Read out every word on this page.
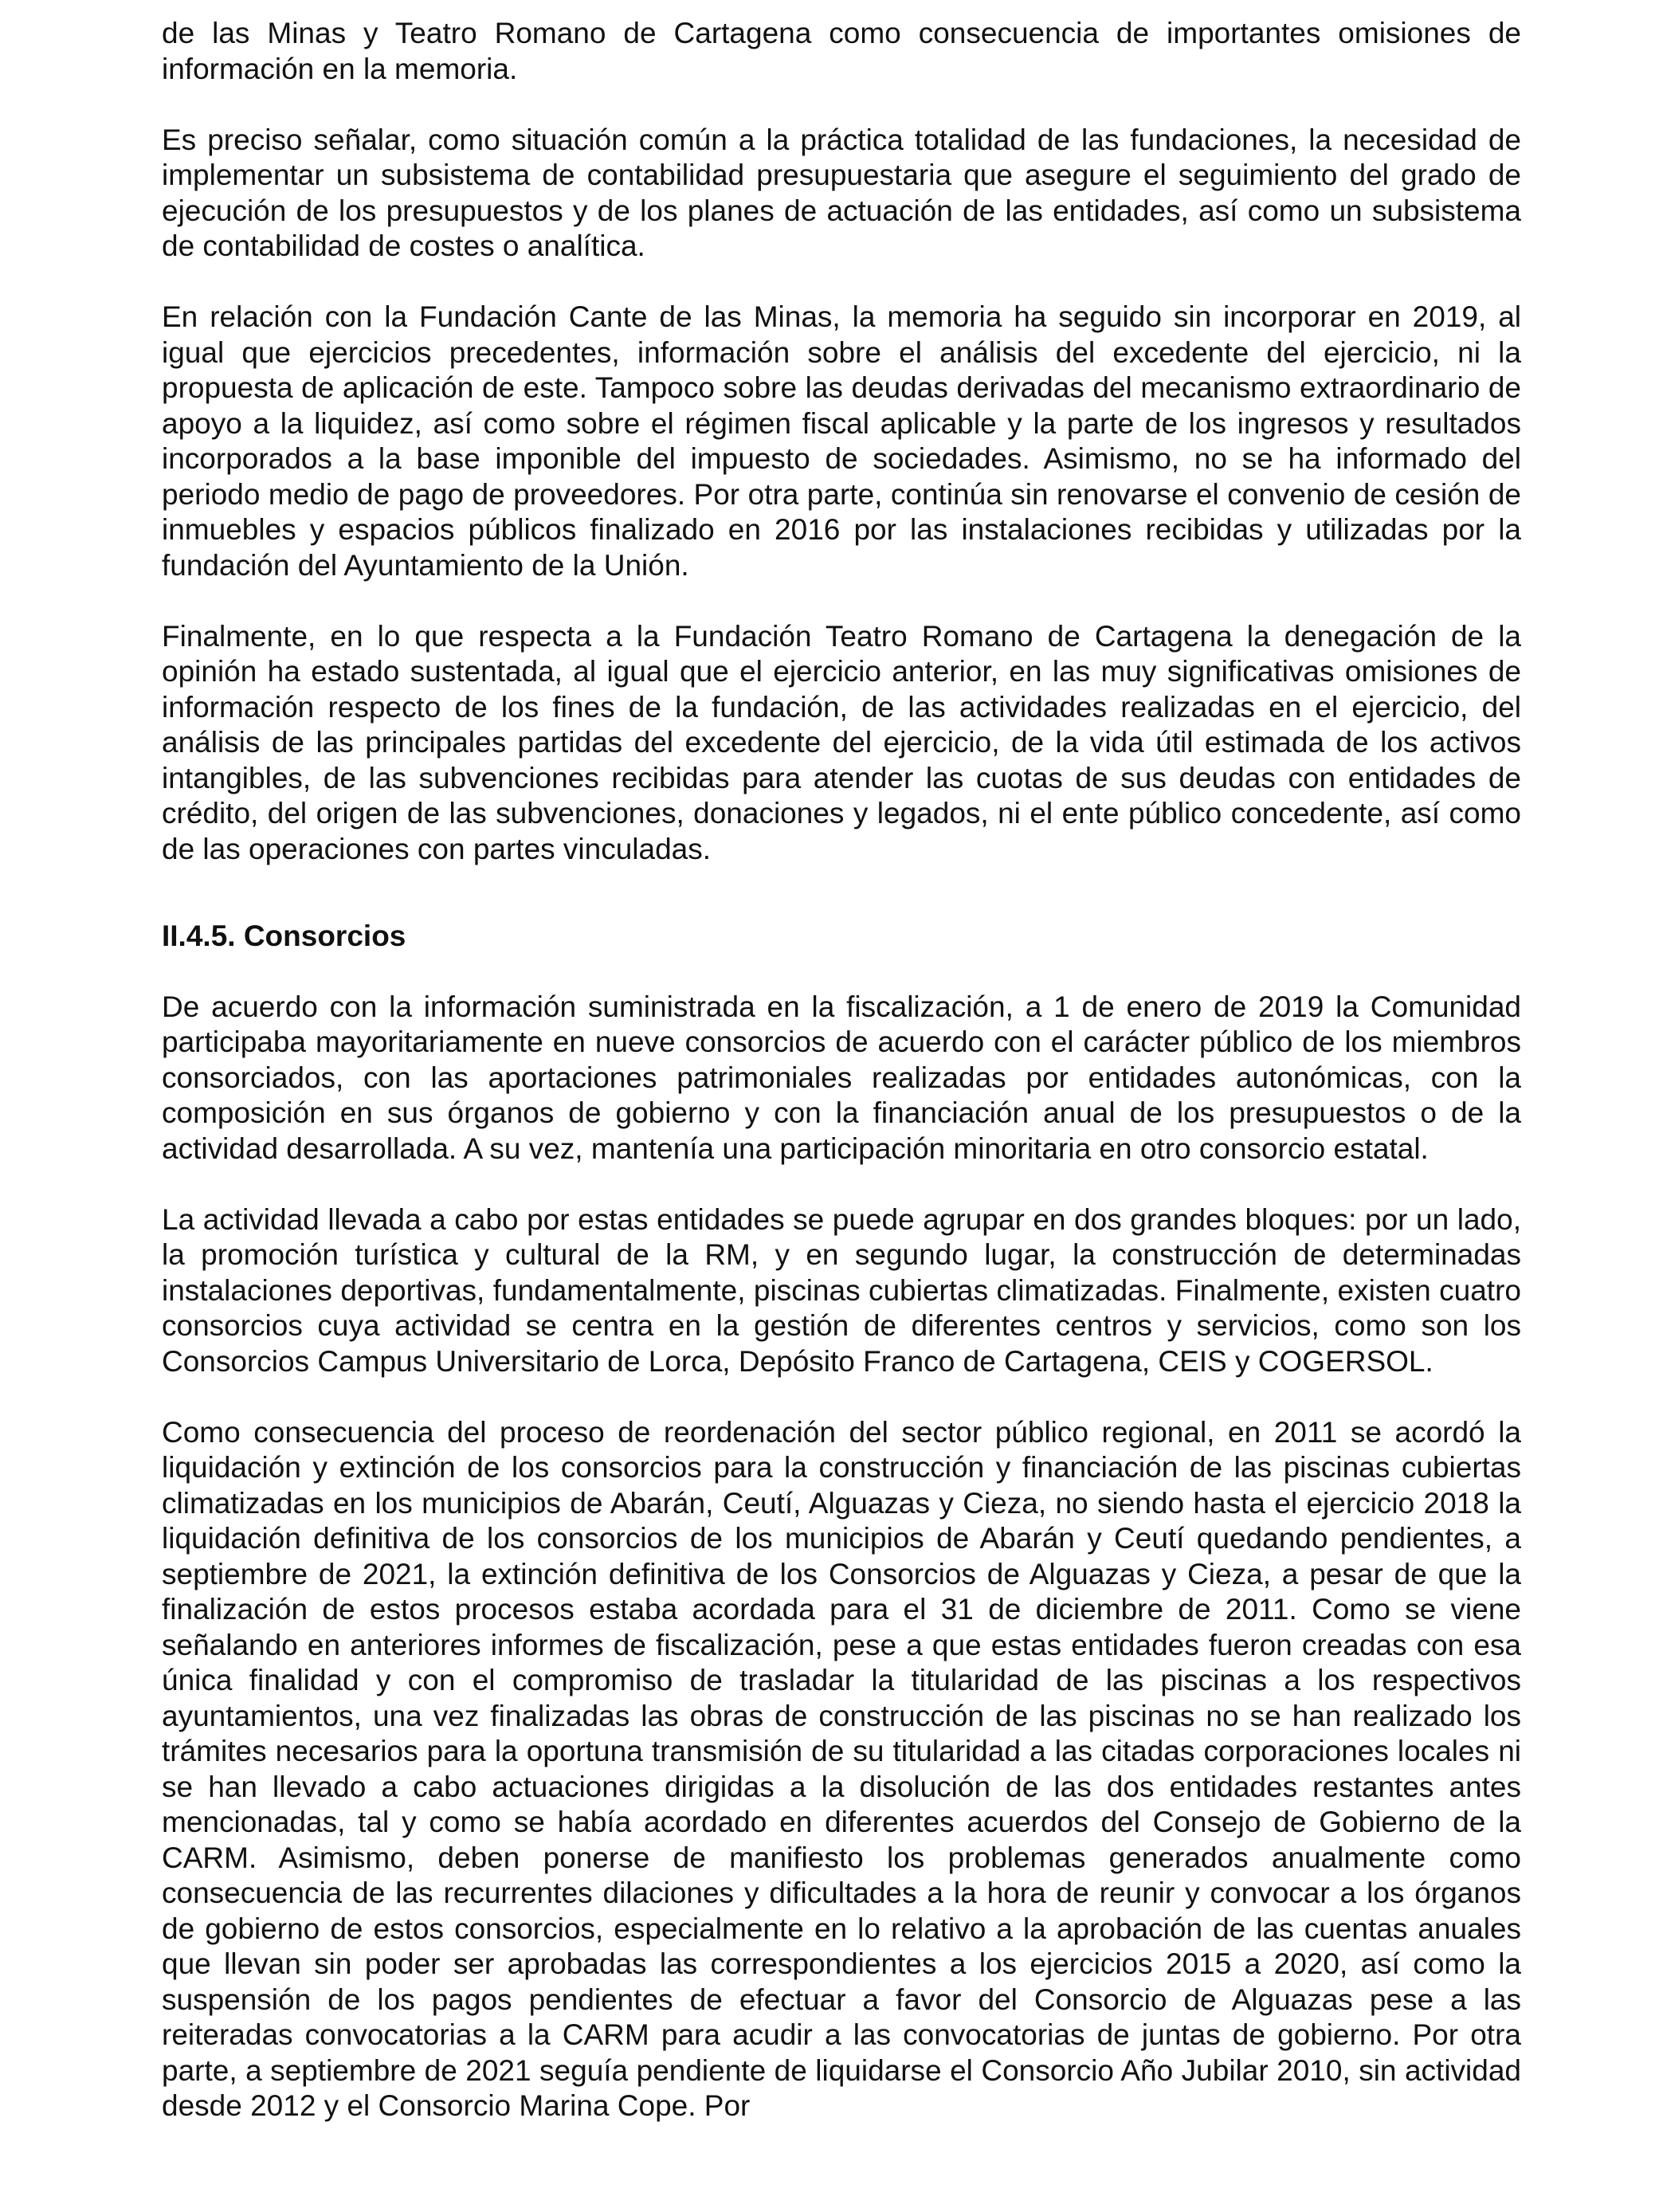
de las Minas y Teatro Romano de Cartagena como consecuencia de importantes omisiones de información en la memoria.

Es preciso señalar, como situación común a la práctica totalidad de las fundaciones, la necesidad de implementar un subsistema de contabilidad presupuestaria que asegure el seguimiento del grado de ejecución de los presupuestos y de los planes de actuación de las entidades, así como un subsistema de contabilidad de costes o analítica.

En relación con la Fundación Cante de las Minas, la memoria ha seguido sin incorporar en 2019, al igual que ejercicios precedentes, información sobre el análisis del excedente del ejercicio, ni la propuesta de aplicación de este. Tampoco sobre las deudas derivadas del mecanismo extraordinario de apoyo a la liquidez, así como sobre el régimen fiscal aplicable y la parte de los ingresos y resultados incorporados a la base imponible del impuesto de sociedades. Asimismo, no se ha informado del periodo medio de pago de proveedores. Por otra parte, continúa sin renovarse el convenio de cesión de inmuebles y espacios públicos finalizado en 2016 por las instalaciones recibidas y utilizadas por la fundación del Ayuntamiento de la Unión.

Finalmente, en lo que respecta a la Fundación Teatro Romano de Cartagena la denegación de la opinión ha estado sustentada, al igual que el ejercicio anterior, en las muy significativas omisiones de información respecto de los fines de la fundación, de las actividades realizadas en el ejercicio, del análisis de las principales partidas del excedente del ejercicio, de la vida útil estimada de los activos intangibles, de las subvenciones recibidas para atender las cuotas de sus deudas con entidades de crédito, del origen de las subvenciones, donaciones y legados, ni el ente público concedente, así como de las operaciones con partes vinculadas.

II.4.5. Consorcios

De acuerdo con la información suministrada en la fiscalización, a 1 de enero de 2019 la Comunidad participaba mayoritariamente en nueve consorcios de acuerdo con el carácter público de los miembros consorciados, con las aportaciones patrimoniales realizadas por entidades autonómicas, con la composición en sus órganos de gobierno y con la financiación anual de los presupuestos o de la actividad desarrollada. A su vez, mantenía una participación minoritaria en otro consorcio estatal.

La actividad llevada a cabo por estas entidades se puede agrupar en dos grandes bloques: por un lado, la promoción turística y cultural de la RM, y en segundo lugar, la construcción de determinadas instalaciones deportivas, fundamentalmente, piscinas cubiertas climatizadas. Finalmente, existen cuatro consorcios cuya actividad se centra en la gestión de diferentes centros y servicios, como son los Consorcios Campus Universitario de Lorca, Depósito Franco de Cartagena, CEIS y COGERSOL.

Como consecuencia del proceso de reordenación del sector público regional, en 2011 se acordó la liquidación y extinción de los consorcios para la construcción y financiación de las piscinas cubiertas climatizadas en los municipios de Abarán, Ceutí, Alguazas y Cieza, no siendo hasta el ejercicio 2018 la liquidación definitiva de los consorcios de los municipios de Abarán y Ceutí quedando pendientes, a septiembre de 2021, la extinción definitiva de los Consorcios de Alguazas y Cieza, a pesar de que la finalización de estos procesos estaba acordada para el 31 de diciembre de 2011. Como se viene señalando en anteriores informes de fiscalización, pese a que estas entidades fueron creadas con esa única finalidad y con el compromiso de trasladar la titularidad de las piscinas a los respectivos ayuntamientos, una vez finalizadas las obras de construcción de las piscinas no se han realizado los trámites necesarios para la oportuna transmisión de su titularidad a las citadas corporaciones locales ni se han llevado a cabo actuaciones dirigidas a la disolución de las dos entidades restantes antes mencionadas, tal y como se había acordado en diferentes acuerdos del Consejo de Gobierno de la CARM. Asimismo, deben ponerse de manifiesto los problemas generados anualmente como consecuencia de las recurrentes dilaciones y dificultades a la hora de reunir y convocar a los órganos de gobierno de estos consorcios, especialmente en lo relativo a la aprobación de las cuentas anuales que llevan sin poder ser aprobadas las correspondientes a los ejercicios 2015 a 2020, así como la suspensión de los pagos pendientes de efectuar a favor del Consorcio de Alguazas pese a las reiteradas convocatorias a la CARM para acudir a las convocatorias de juntas de gobierno. Por otra parte, a septiembre de 2021 seguía pendiente de liquidarse el Consorcio Año Jubilar 2010, sin actividad desde 2012 y el Consorcio Marina Cope. Por
